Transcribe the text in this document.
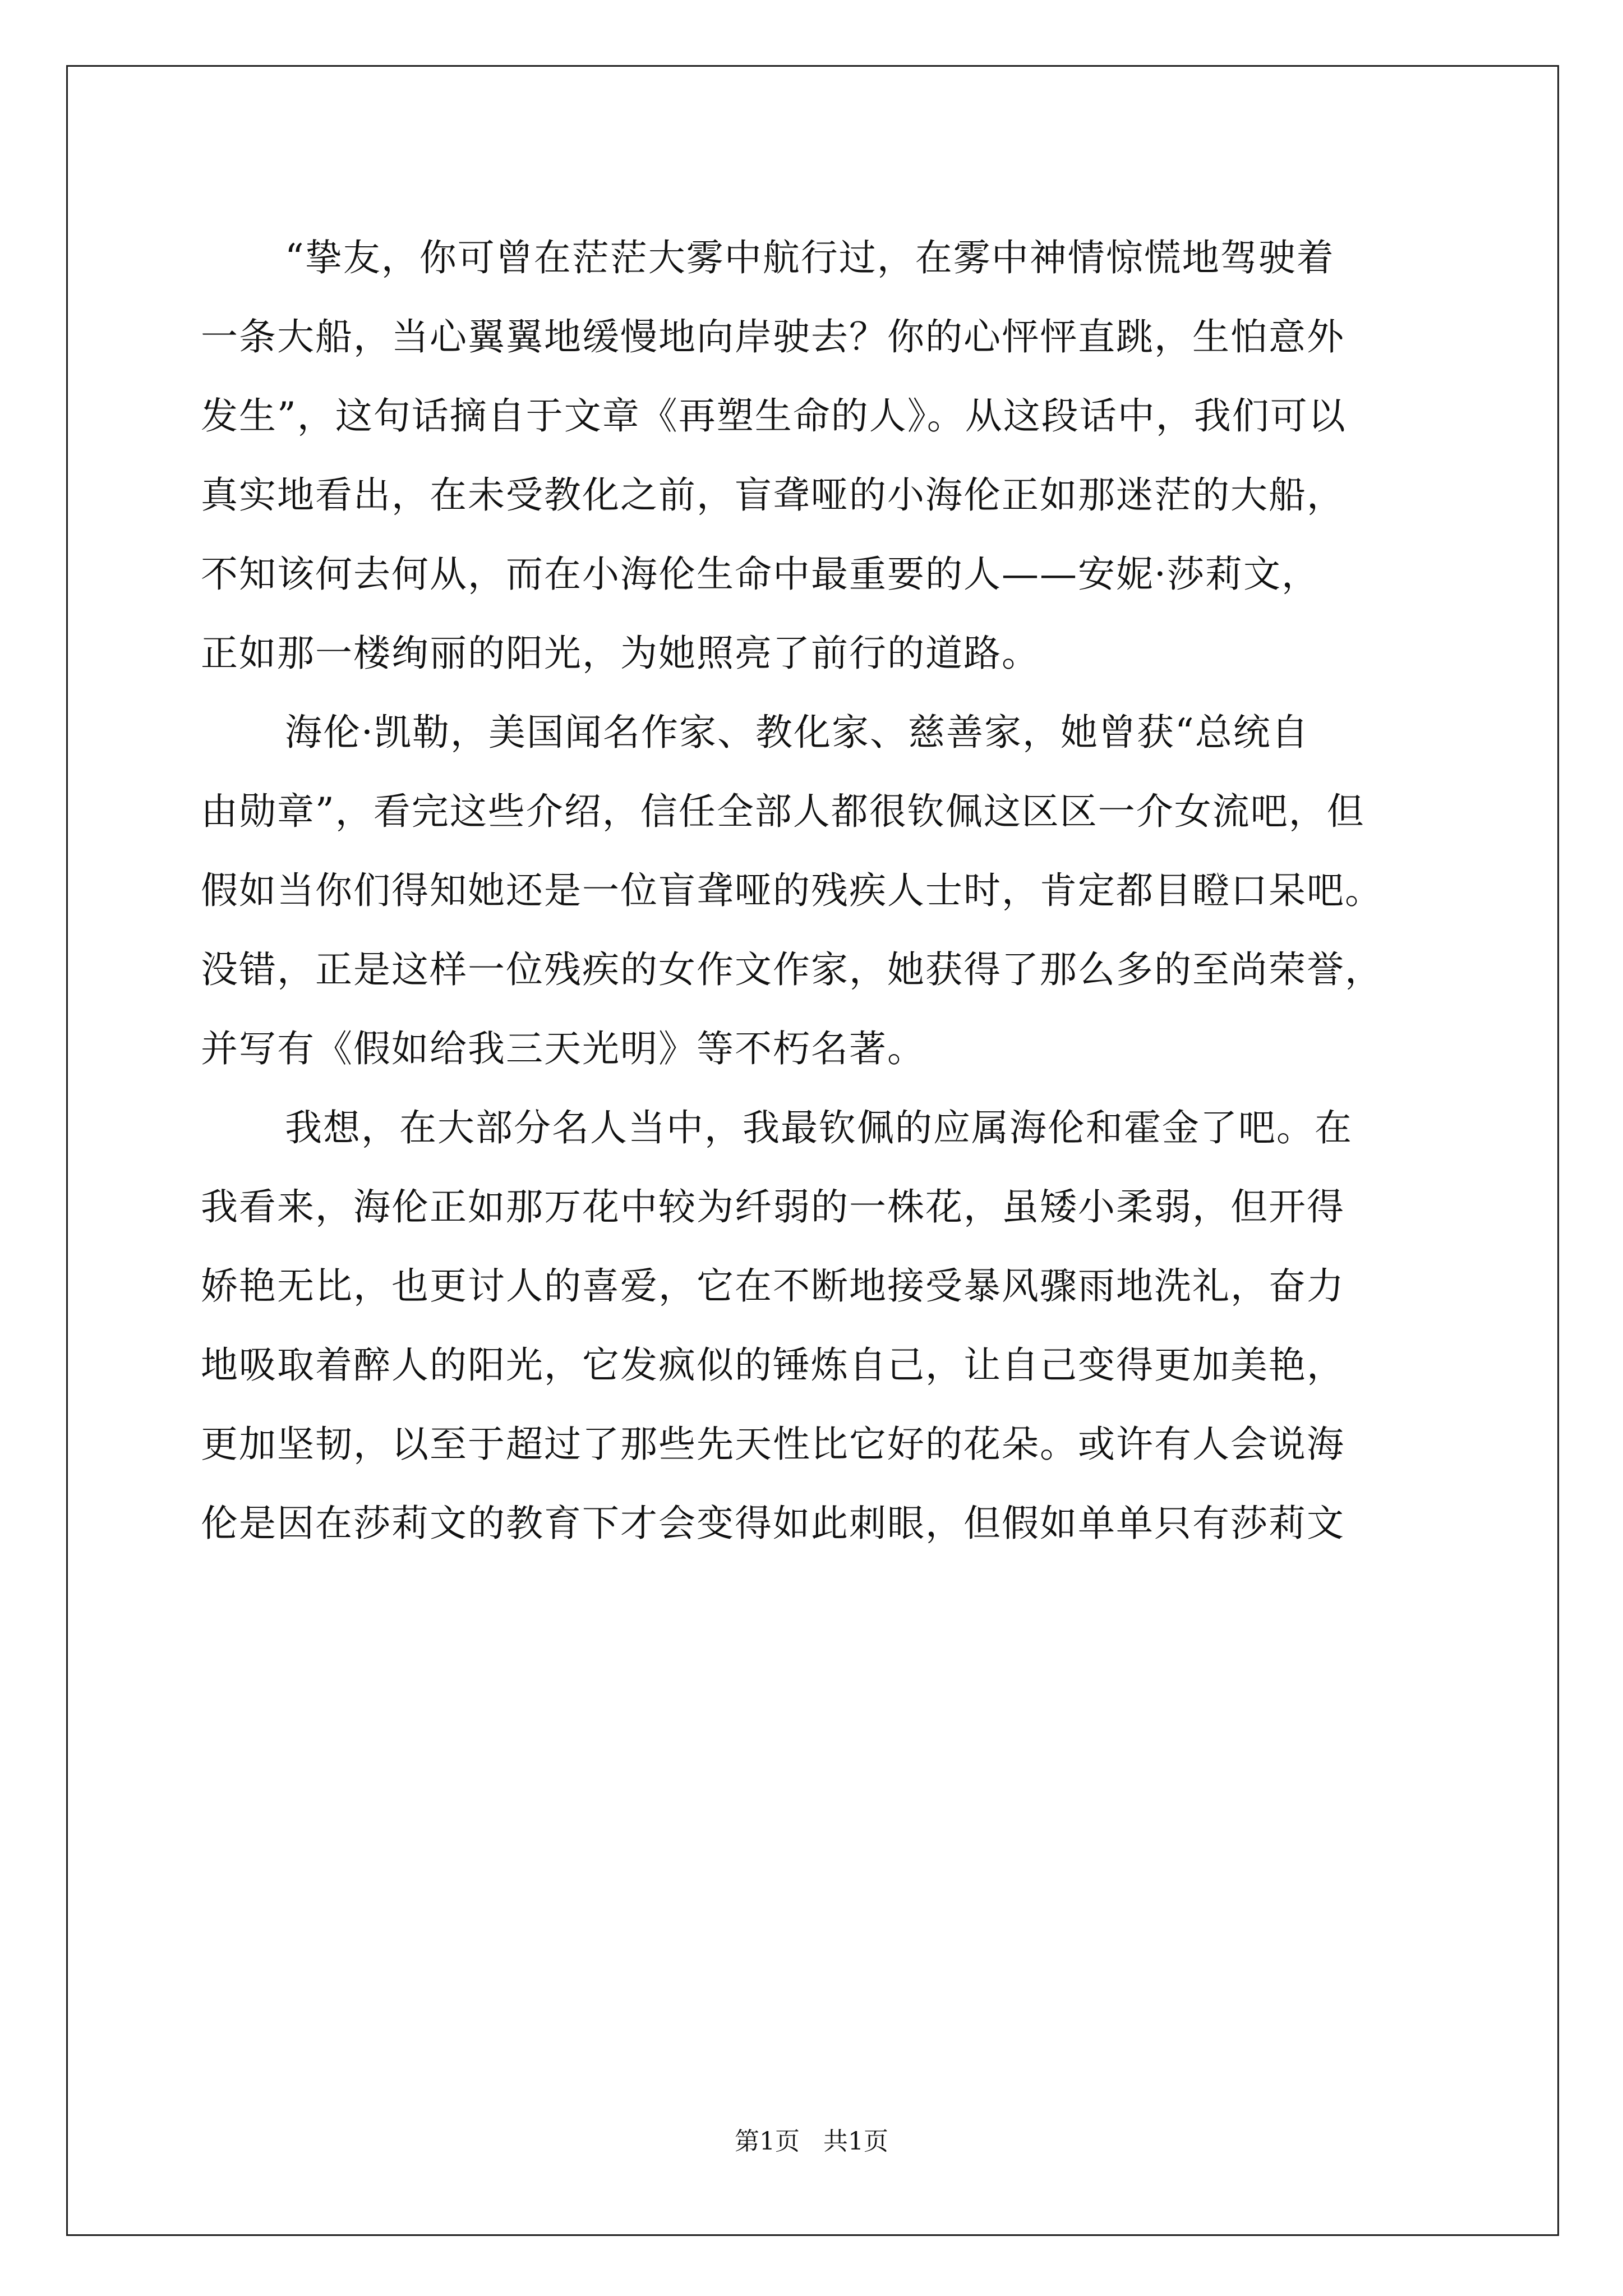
“挚友，你可曾在茫茫大雾中航行过，在雾中神情惊慌地驾驶着
一条大船，当心翼翼地缓慢地向岸驶去？你的心怦怦直跳，生怕意外
发生”，这句话摘自于文章《再塑生命的人》。从这段话中，我们可以
真实地看出，在未受教化之前，盲聋哑的小海伦正如那迷茫的大船，
不知该何去何从，而在小海伦生命中最重要的人——安妮·莎莉文，
正如那一楼绚丽的阳光，为她照亮了前行的道路。
海伦·凯勒，美国闻名作家、教化家、慈善家，她曾获“总统自
由勋章”，看完这些介绍，信任全部人都很钦佩这区区一介女流吧，但
假如当你们得知她还是一位盲聋哑的残疾人士时，肯定都目瞪口呆吧。
没错，正是这样一位残疾的女作文作家，她获得了那么多的至尚荣誉，
并写有《假如给我三天光明》等不朽名著。
我想，在大部分名人当中，我最钦佩的应属海伦和霍金了吧。在
我看来，海伦正如那万花中较为纤弱的一株花，虽矮小柔弱，但开得
娇艳无比，也更讨人的喜爱，它在不断地接受暴风骤雨地洗礼，奋力
地吸取着醉人的阳光，它发疯似的锤炼自己，让自己变得更加美艳，
更加坚韧，以至于超过了那些先天性比它好的花朵。或许有人会说海
伦是因在莎莉文的教育下才会变得如此刺眼，但假如单单只有莎莉文
第1页   共1页
